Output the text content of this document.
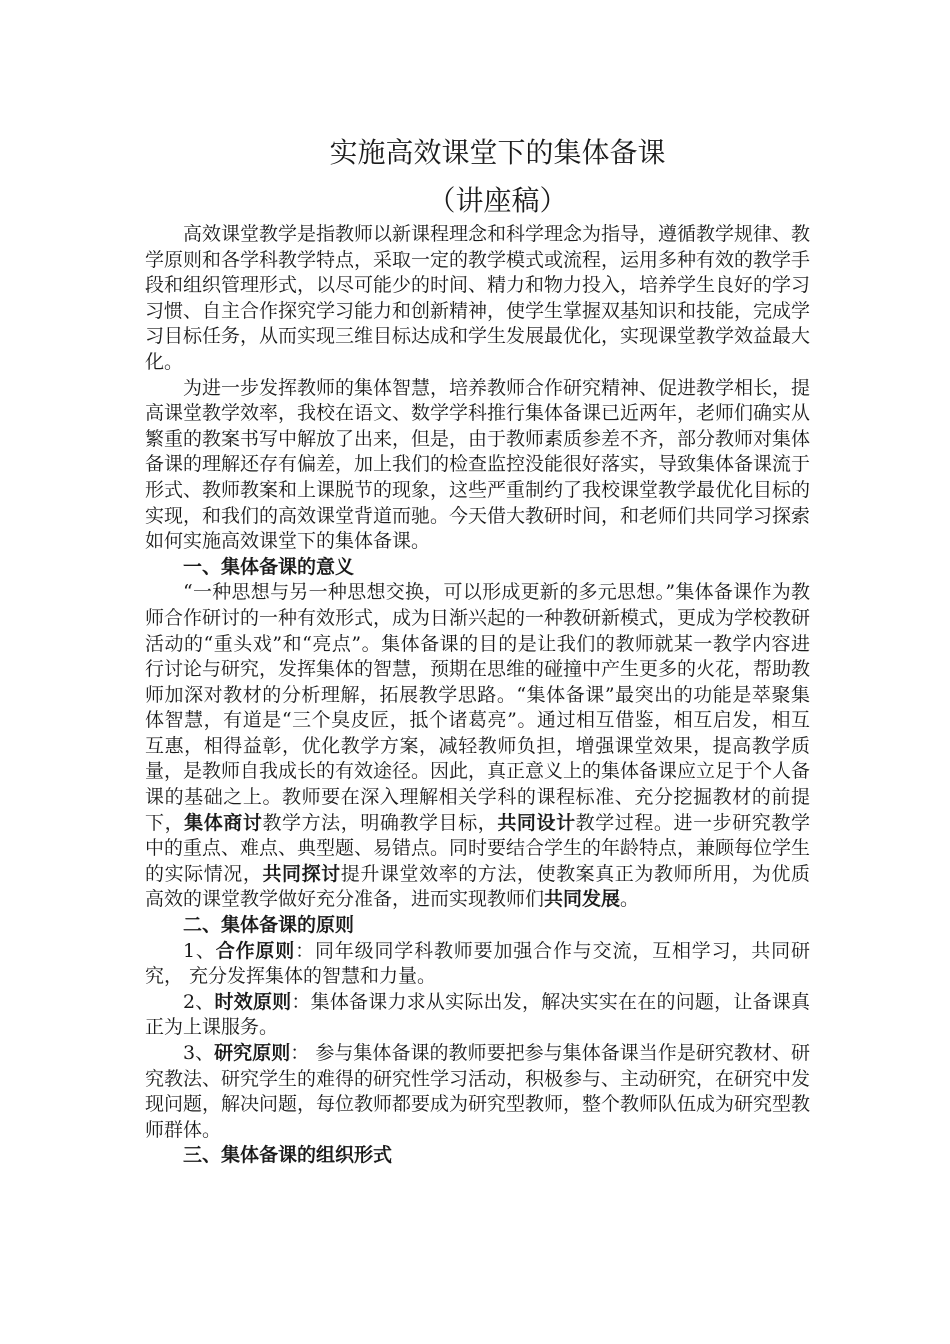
实施高效课堂下的集体备课
（讲座稿）

高效课堂教学是指教师以新课程理念和科学理念为指导，遵循教学规律、教学原则和各学科教学特点，采取一定的教学模式或流程，运用多种有效的教学手段和组织管理形式，以尽可能少的时间、精力和物力投入，培养学生良好的学习习惯、自主合作探究学习能力和创新精神，使学生掌握双基知识和技能，完成学习目标任务，从而实现三维目标达成和学生发展最优化，实现课堂教学效益最大化。

为进一步发挥教师的集体智慧，培养教师合作研究精神、促进教学相长，提高课堂教学效率，我校在语文、数学学科推行集体备课已近两年，老师们确实从繁重的教案书写中解放了出来，但是，由于教师素质参差不齐，部分教师对集体备课的理解还存有偏差，加上我们的检查监控没能很好落实，导致集体备课流于形式、教师教案和上课脱节的现象，这些严重制约了我校课堂教学最优化目标的实现，和我们的高效课堂背道而驰。今天借大教研时间，和老师们共同学习探索如何实施高效课堂下的集体备课。

一、集体备课的意义

“一种思想与另一种思想交换，可以形成更新的多元思想。”集体备课作为教师合作研讨的一种有效形式，成为日渐兴起的一种教研新模式，更成为学校教研活动的“重头戏”和“亮点”。集体备课的目的是让我们的教师就某一教学内容进行讨论与研究，发挥集体的智慧，预期在思维的碰撞中产生更多的火花，帮助教师加深对教材的分析理解，拓展教学思路。“集体备课”最突出的功能是萃聚集体智慧，有道是“三个臭皮匠，抵个诸葛亮”。通过相互借鉴，相互启发，相互互惠，相得益彰，优化教学方案，减轻教师负担，增强课堂效果，提高教学质量，是教师自我成长的有效途径。因此，真正意义上的集体备课应立足于个人备课的基础之上。教师要在深入理解相关学科的课程标准、充分挖掘教材的前提下，集体商讨教学方法，明确教学目标，共同设计教学过程。进一步研究教学中的重点、难点、典型题、易错点。同时要结合学生的年龄特点，兼顾每位学生的实际情况，共同探讨提升课堂效率的方法，使教案真正为教师所用，为优质高效的课堂教学做好充分准备，进而实现教师们共同发展。

二、集体备课的原则

1、合作原则：同年级同学科教师要加强合作与交流，互相学习，共同研究， 充分发挥集体的智慧和力量。

2、时效原则：集体备课力求从实际出发，解决实实在在的问题，让备课真正为上课服务。

3、研究原则： 参与集体备课的教师要把参与集体备课当作是研究教材、研究教法、研究学生的难得的研究性学习活动，积极参与、主动研究，在研究中发现问题，解决问题，每位教师都要成为研究型教师，整个教师队伍成为研究型教师群体。

三、集体备课的组织形式
